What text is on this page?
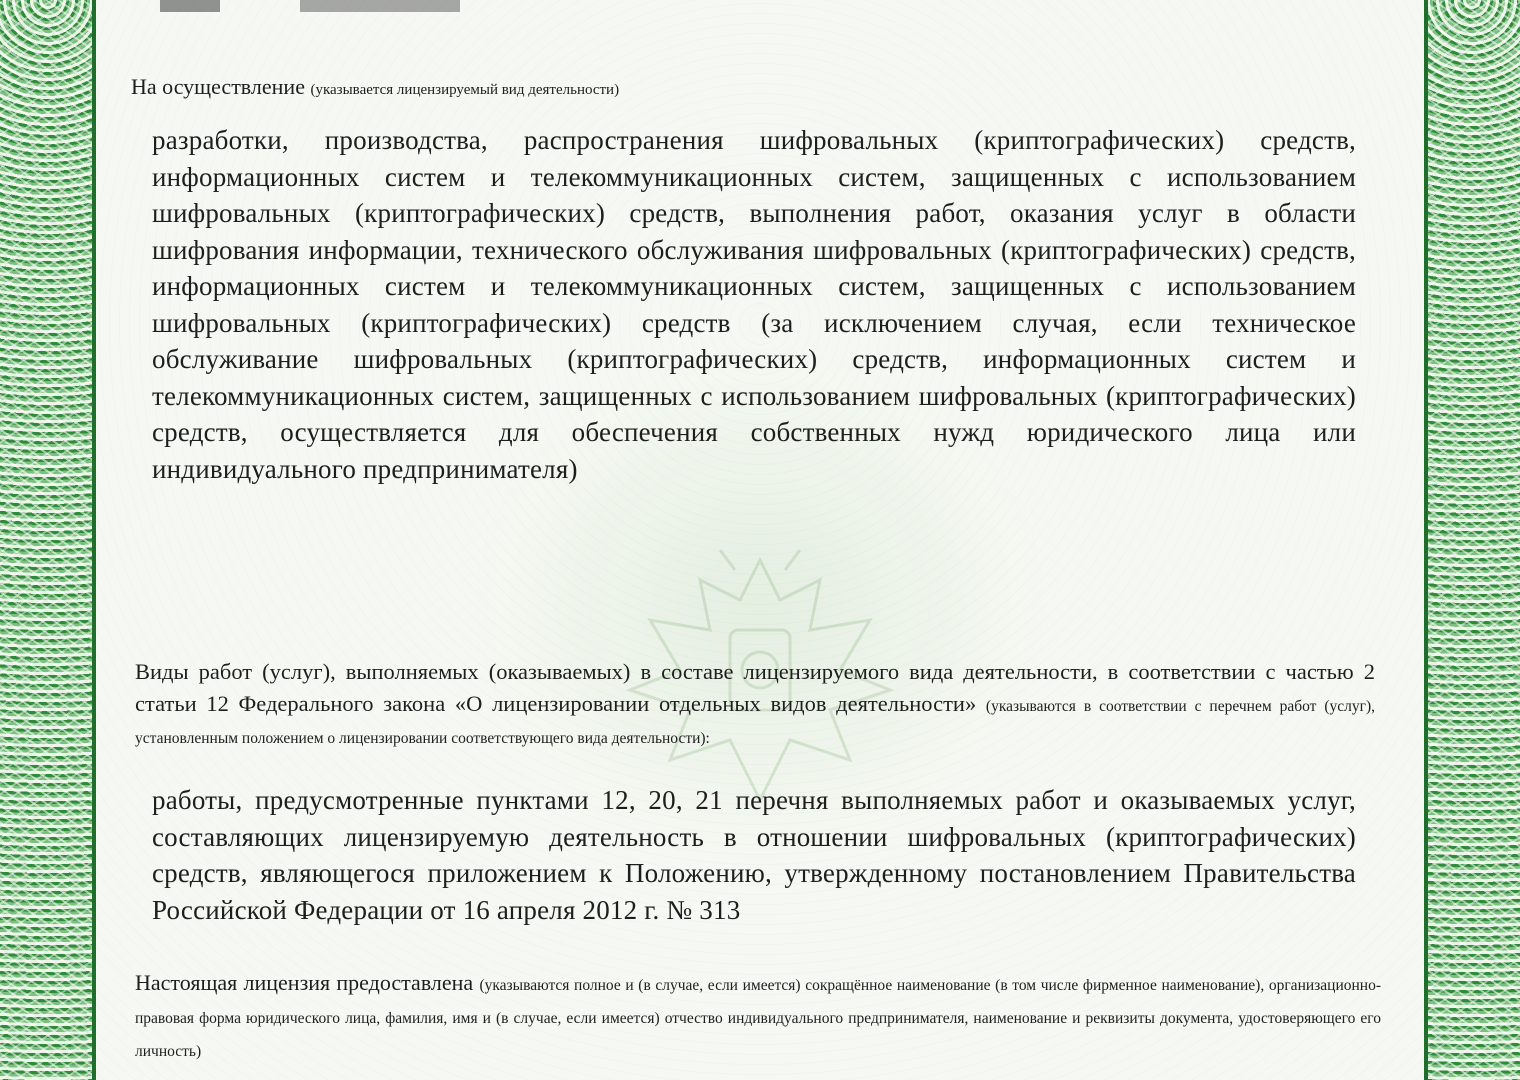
На осуществление (указывается лицензируемый вид деятельности)
разработки, производства, распространения шифровальных (криптографических) средств, информационных систем и телекоммуникационных систем, защищенных с использованием шифровальных (криптографических) средств, выполнения работ, оказания услуг в области шифрования информации, технического обслуживания шифровальных (криптографических) средств, информационных систем и телекоммуникационных систем, защищенных с использованием шифровальных (криптографических) средств (за исключением случая, если техническое обслуживание шифровальных (криптографических) средств, информационных систем и телекоммуникационных систем, защищенных с использованием шифровальных (криптографических) средств, осуществляется для обеспечения собственных нужд юридического лица или индивидуального предпринимателя)
Виды работ (услуг), выполняемых (оказываемых) в составе лицензируемого вида деятельности, в соответствии с частью 2 статьи 12 Федерального закона «О лицензировании отдельных видов деятельности» (указываются в соответствии с перечнем работ (услуг), установленным положением о лицензировании соответствующего вида деятельности):
работы, предусмотренные пунктами 12, 20, 21 перечня выполняемых работ и оказываемых услуг, составляющих лицензируемую деятельность в отношении шифровальных (криптографических) средств, являющегося приложением к Положению, утвержденному постановлением Правительства Российской Федерации от 16 апреля 2012 г. № 313
Настоящая лицензия предоставлена (указываются полное и (в случае, если имеется) сокращённое наименование (в том числе фирменное наименование), организационно-правовая форма юридического лица, фамилия, имя и (в случае, если имеется) отчество индивидуального предпринимателя, наименование и реквизиты документа, удостоверяющего его личность)
